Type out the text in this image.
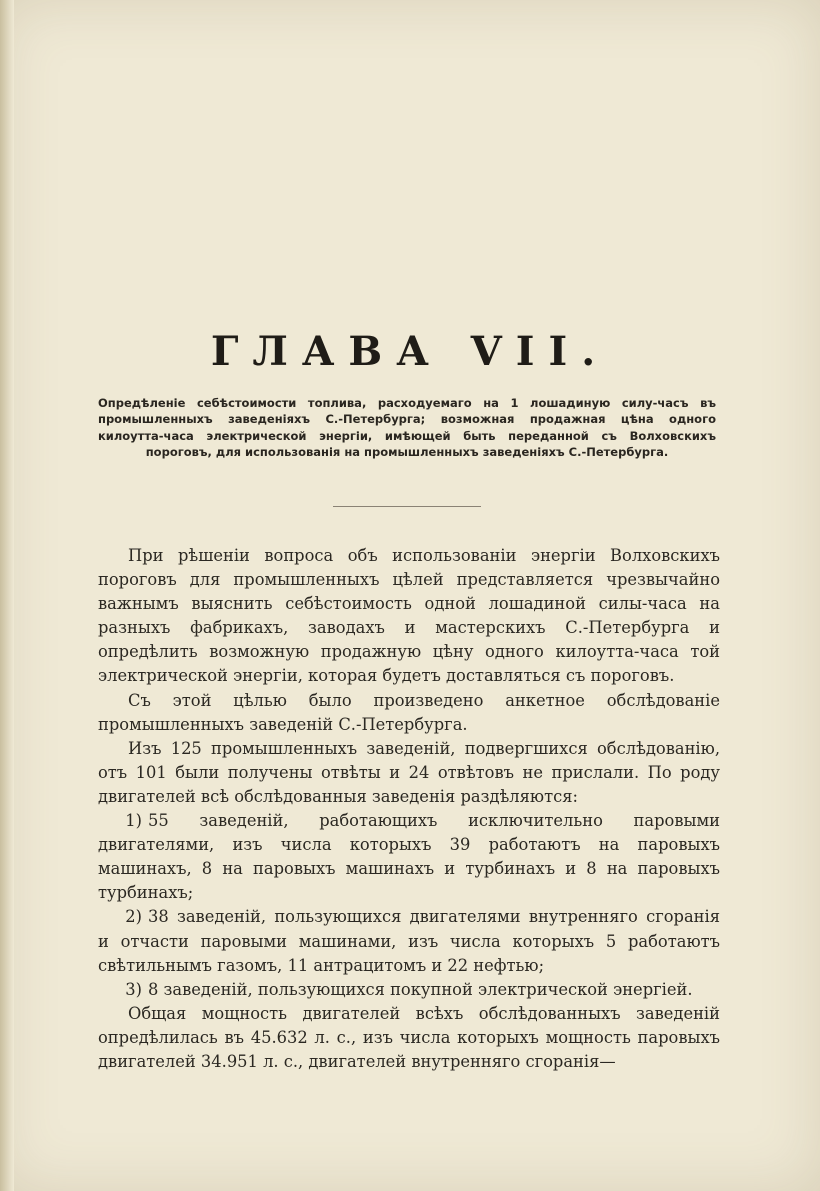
ГЛАВА VII.

Опредѣленіе себѣстоимости топлива, расходуемаго на 1 лошадиную силу-часъ въ промышленныхъ заведеніяхъ С.-Петербурга; возможная продажная цѣна одного килоутта-часа электрической энергіи, имѣющей быть переданной съ Волховскихъ пороговъ, для использованія на промышленныхъ заведеніяхъ С.-Петербурга.

При рѣшеніи вопроса объ использованіи энергіи Волховскихъ пороговъ для промышленныхъ цѣлей представляется чрезвычайно важнымъ выяснить себѣстоимость одной лошадиной силы-часа на разныхъ фабрикахъ, заводахъ и мастерскихъ С.-Петербурга и опредѣлить возможную продажную цѣну одного килоутта-часа той электрической энергіи, которая будетъ доставляться съ пороговъ.

Съ этой цѣлью было произведено анкетное обслѣдованіе промышленныхъ заведеній С.-Петербурга.

Изъ 125 промышленныхъ заведеній, подвергшихся обслѣдованію, отъ 101 были получены отвѣты и 24 отвѣтовъ не прислали. По роду двигателей всѣ обслѣдованныя заведенія раздѣляются:

1) 55 заведеній, работающихъ исключительно паровыми двигателями, изъ числа которыхъ 39 работаютъ на паровыхъ машинахъ, 8 на паровыхъ машинахъ и турбинахъ и 8 на паровыхъ турбинахъ;

2) 38 заведеній, пользующихся двигателями внутренняго сгоранія и отчасти паровыми машинами, изъ числа которыхъ 5 работаютъ свѣтильнымъ газомъ, 11 антрацитомъ и 22 нефтью;

3) 8 заведеній, пользующихся покупной электрической энергіей.

Общая мощность двигателей всѣхъ обслѣдованныхъ заведеній опредѣлилась въ 45.632 л. с., изъ числа которыхъ мощность паровыхъ двигателей 34.951 л. с., двигателей внутренняго сгоранія—
